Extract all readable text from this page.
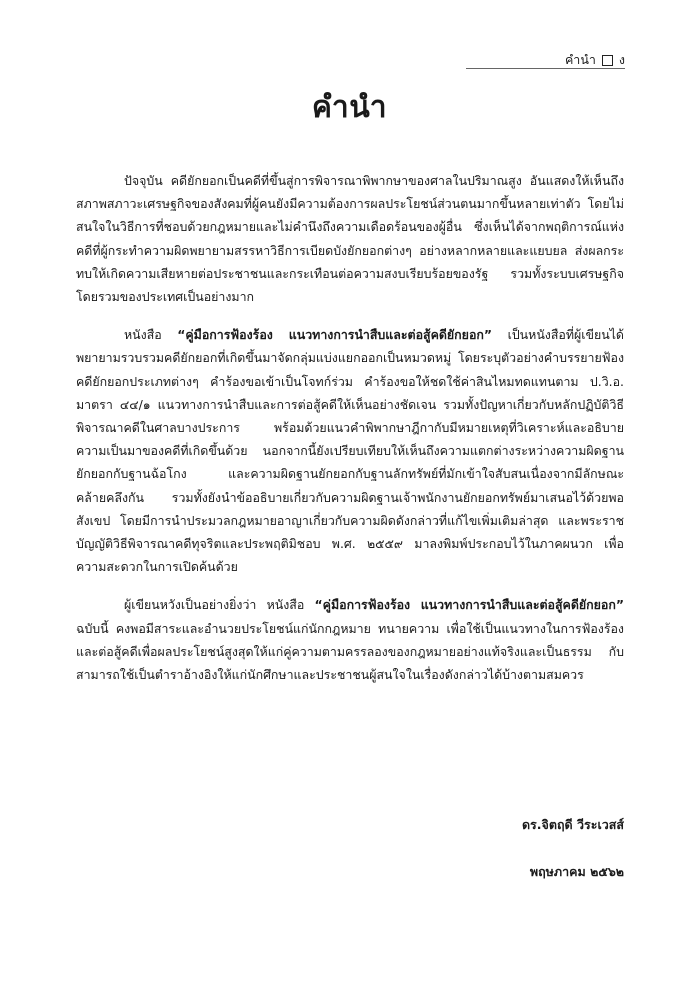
คำนำ ง
คำนำ

ปัจจุบัน คดียักยอกเป็นคดีที่ขึ้นสู่การพิจารณาพิพากษาของศาลในปริมาณสูง อันแสดงให้เห็นถึงสภาพสภาวะเศรษฐกิจของสังคมที่ผู้คนยังมีความต้องการผลประโยชน์ส่วนตนมากขึ้นหลายเท่าตัว โดยไม่สนใจในวิธีการที่ชอบด้วยกฎหมายและไม่คำนึงถึงความเดือดร้อนของผู้อื่น ซึ่งเห็นได้จากพฤติการณ์แห่งคดีที่ผู้กระทำความผิดพยายามสรรหาวิธีการเบียดบังยักยอกต่างๆ อย่างหลากหลายและแยบยล ส่งผลกระทบให้เกิดความเสียหายต่อประชาชนและกระเทือนต่อความสงบเรียบร้อยของรัฐ รวมทั้งระบบเศรษฐกิจโดยรวมของประเทศเป็นอย่างมาก

หนังสือ “คู่มือการฟ้องร้อง แนวทางการนำสืบและต่อสู้คดียักยอก” เป็นหนังสือที่ผู้เขียนได้พยายามรวบรวมคดียักยอกที่เกิดขึ้นมาจัดกลุ่มแบ่งแยกออกเป็นหมวดหมู่ โดยระบุตัวอย่างคำบรรยายฟ้องคดียักยอกประเภทต่างๆ คำร้องขอเข้าเป็นโจทก์ร่วม คำร้องขอให้ชดใช้ค่าสินไหมทดแทนตาม ป.วิ.อ. มาตรา ๔๔/๑ แนวทางการนำสืบและการต่อสู้คดีให้เห็นอย่างชัดเจน รวมทั้งปัญหาเกี่ยวกับหลักปฏิบัติวิธีพิจารณาคดีในศาลบางประการ พร้อมด้วยแนวคำพิพากษาฎีกากับมีหมายเหตุที่วิเคราะห์และอธิบายความเป็นมาของคดีที่เกิดขึ้นด้วย นอกจากนี้ยังเปรียบเทียบให้เห็นถึงความแตกต่างระหว่างความผิดฐานยักยอกกับฐานฉ้อโกง และความผิดฐานยักยอกกับฐานลักทรัพย์ที่มักเข้าใจสับสนเนื่องจากมีลักษณะคล้ายคลึงกัน รวมทั้งยังนำข้ออธิบายเกี่ยวกับความผิดฐานเจ้าพนักงานยักยอกทรัพย์มาเสนอไว้ด้วยพอสังเขป โดยมีการนำประมวลกฎหมายอาญาเกี่ยวกับความผิดดังกล่าวที่แก้ไขเพิ่มเติมล่าสุด และพระราชบัญญัติวิธีพิจารณาคดีทุจริตและประพฤติมิชอบ พ.ศ. ๒๕๕๙ มาลงพิมพ์ประกอบไว้ในภาคผนวก เพื่อความสะดวกในการเปิดค้นด้วย

ผู้เขียนหวังเป็นอย่างยิ่งว่า หนังสือ “คู่มือการฟ้องร้อง แนวทางการนำสืบและต่อสู้คดียักยอก” ฉบับนี้ คงพอมีสาระและอำนวยประโยชน์แก่นักกฎหมาย ทนายความ เพื่อใช้เป็นแนวทางในการฟ้องร้องและต่อสู้คดีเพื่อผลประโยชน์สูงสุดให้แก่คู่ความตามครรลองของกฎหมายอย่างแท้จริงและเป็นธรรม กับสามารถใช้เป็นตำราอ้างอิงให้แก่นักศึกษาและประชาชนผู้สนใจในเรื่องดังกล่าวได้บ้างตามสมควร

ดร.จิตฤดี วีระเวสส์
พฤษภาคม ๒๕๖๒
